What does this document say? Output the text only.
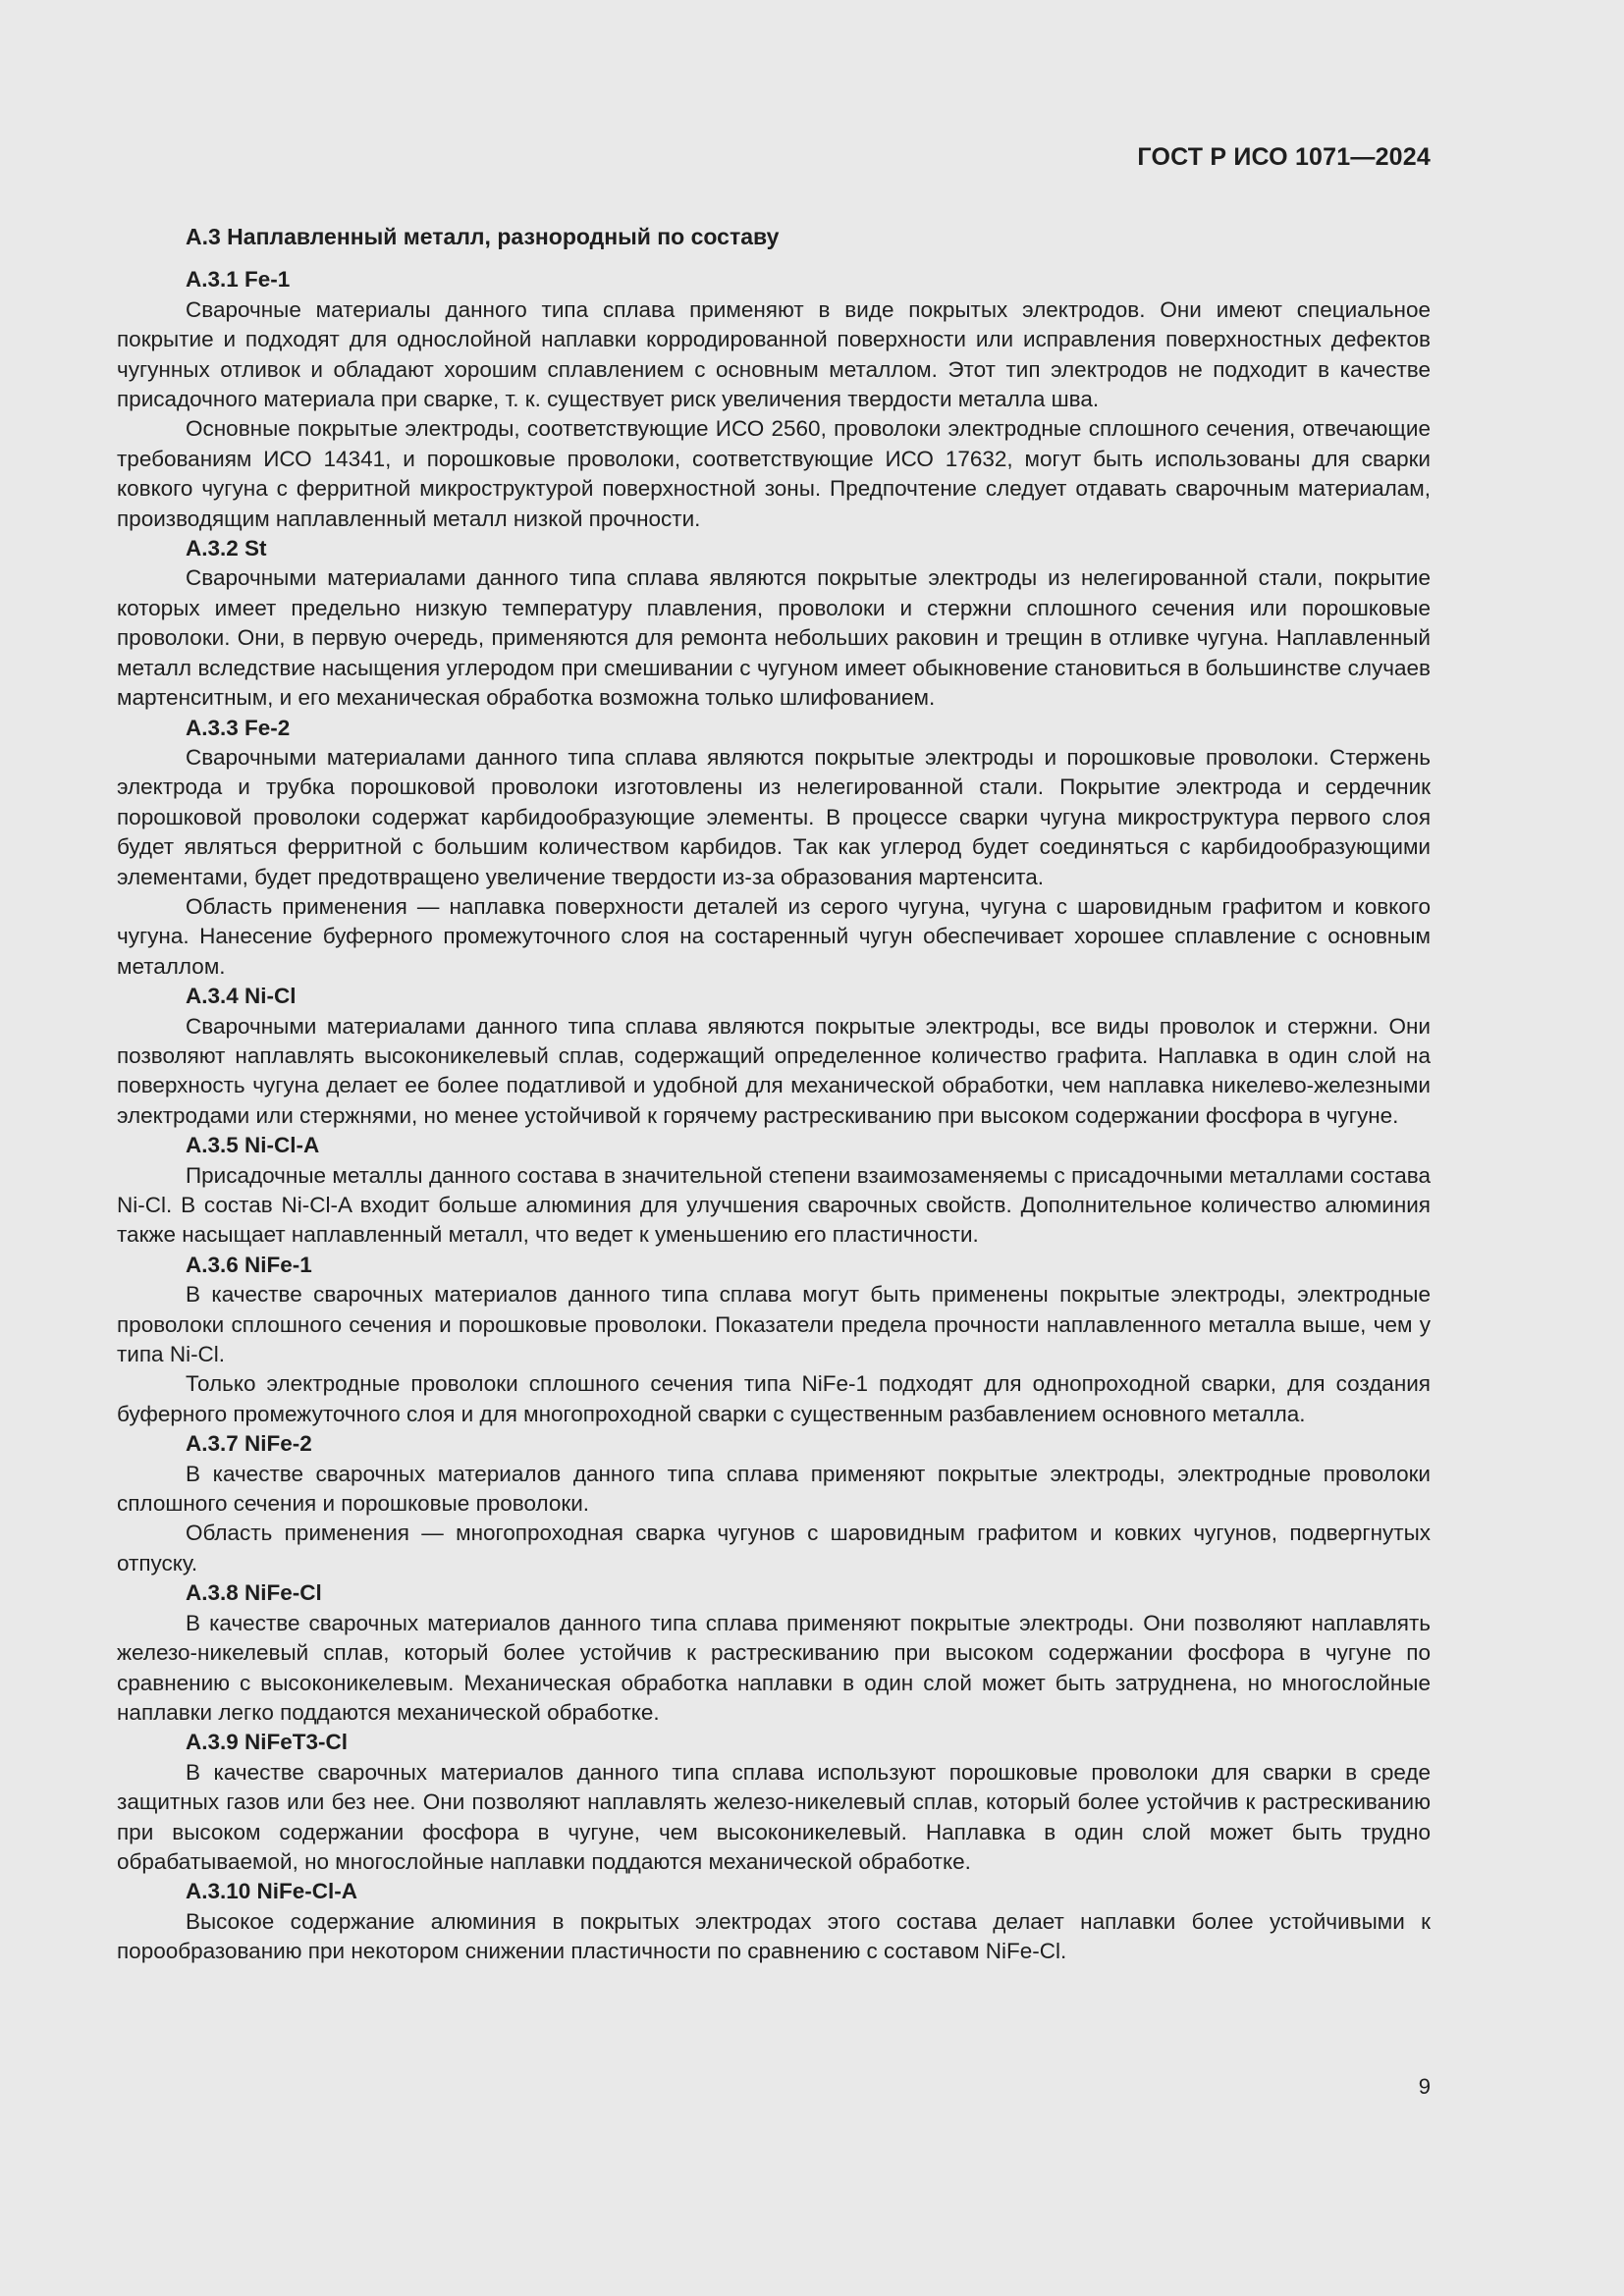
ГОСТ Р ИСО 1071—2024
А.3 Наплавленный металл, разнородный по составу
А.3.1 Fe-1

Сварочные материалы данного типа сплава применяют в виде покрытых электродов. Они имеют специальное покрытие и подходят для однослойной наплавки корродированной поверхности или исправления поверхностных дефектов чугунных отливок и обладают хорошим сплавлением с основным металлом. Этот тип электродов не подходит в качестве присадочного материала при сварке, т. к. существует риск увеличения твердости металла шва.

Основные покрытые электроды, соответствующие ИСО 2560, проволоки электродные сплошного сечения, отвечающие требованиям ИСО 14341, и порошковые проволоки, соответствующие ИСО 17632, могут быть использованы для сварки ковкого чугуна с ферритной микроструктурой поверхностной зоны. Предпочтение следует отдавать сварочным материалам, производящим наплавленный металл низкой прочности.

А.3.2 St

Сварочными материалами данного типа сплава являются покрытые электроды из нелегированной стали, покрытие которых имеет предельно низкую температуру плавления, проволоки и стержни сплошного сечения или порошковые проволоки. Они, в первую очередь, применяются для ремонта небольших раковин и трещин в отливке чугуна. Наплавленный металл вследствие насыщения углеродом при смешивании с чугуном имеет обыкновение становиться в большинстве случаев мартенситным, и его механическая обработка возможна только шлифованием.

А.3.3 Fe-2

Сварочными материалами данного типа сплава являются покрытые электроды и порошковые проволоки. Стержень электрода и трубка порошковой проволоки изготовлены из нелегированной стали. Покрытие электрода и сердечник порошковой проволоки содержат карбидообразующие элементы. В процессе сварки чугуна микроструктура первого слоя будет являться ферритной с большим количеством карбидов. Так как углерод будет соединяться с карбидообразующими элементами, будет предотвращено увеличение твердости из-за образования мартенсита.

Область применения — наплавка поверхности деталей из серого чугуна, чугуна с шаровидным графитом и ковкого чугуна. Нанесение буферного промежуточного слоя на состаренный чугун обеспечивает хорошее сплавление с основным металлом.

А.3.4 Ni-Cl

Сварочными материалами данного типа сплава являются покрытые электроды, все виды проволок и стержни. Они позволяют наплавлять высоконикелевый сплав, содержащий определенное количество графита. Наплавка в один слой на поверхность чугуна делает ее более податливой и удобной для механической обработки, чем наплавка никелево-железными электродами или стержнями, но менее устойчивой к горячему растрескиванию при высоком содержании фосфора в чугуне.

А.3.5 Ni-Cl-A

Присадочные металлы данного состава в значительной степени взаимозаменяемы с присадочными металлами состава Ni-Cl. В состав Ni-Cl-A входит больше алюминия для улучшения сварочных свойств. Дополнительное количество алюминия также насыщает наплавленный металл, что ведет к уменьшению его пластичности.

А.3.6 NiFe-1

В качестве сварочных материалов данного типа сплава могут быть применены покрытые электроды, электродные проволоки сплошного сечения и порошковые проволоки. Показатели предела прочности наплавленного металла выше, чем у типа Ni-Cl.

Только электродные проволоки сплошного сечения типа NiFe-1 подходят для однопроходной сварки, для создания буферного промежуточного слоя и для многопроходной сварки с существенным разбавлением основного металла.

А.3.7 NiFe-2

В качестве сварочных материалов данного типа сплава применяют покрытые электроды, электродные проволоки сплошного сечения и порошковые проволоки.

Область применения — многопроходная сварка чугунов с шаровидным графитом и ковких чугунов, подвергнутых отпуску.

А.3.8 NiFe-Cl

В качестве сварочных материалов данного типа сплава применяют покрытые электроды. Они позволяют наплавлять железо-никелевый сплав, который более устойчив к растрескиванию при высоком содержании фосфора в чугуне по сравнению с высоконикелевым. Механическая обработка наплавки в один слой может быть затруднена, но многослойные наплавки легко поддаются механической обработке.

А.3.9 NiFeT3-Cl

В качестве сварочных материалов данного типа сплава используют порошковые проволоки для сварки в среде защитных газов или без нее. Они позволяют наплавлять железо-никелевый сплав, который более устойчив к растрескиванию при высоком содержании фосфора в чугуне, чем высоконикелевый. Наплавка в один слой может быть трудно обрабатываемой, но многослойные наплавки поддаются механической обработке.

А.3.10 NiFe-Cl-A

Высокое содержание алюминия в покрытых электродах этого состава делает наплавки более устойчивыми к порообразованию при некотором снижении пластичности по сравнению с составом NiFe-Cl.

9
